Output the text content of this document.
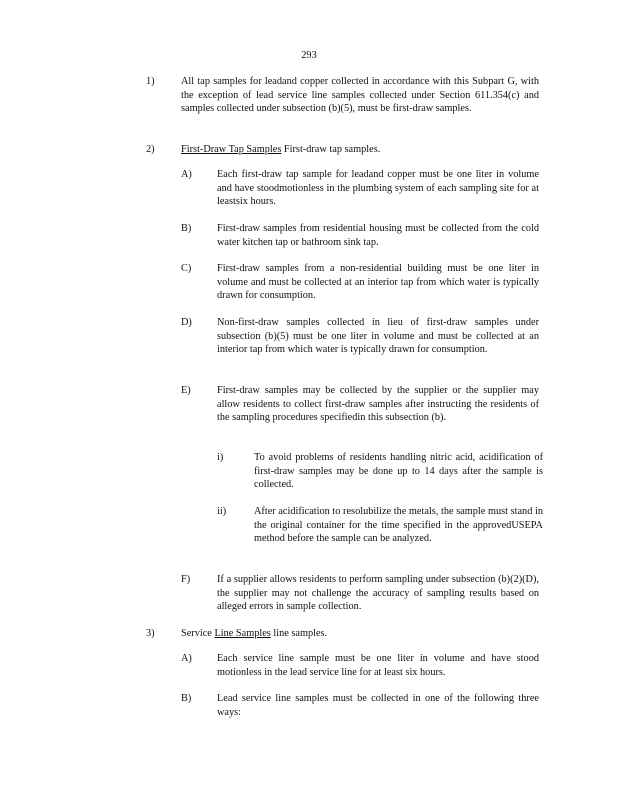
293
1)	All tap samples for leadand copper collected in accordance with this Subpart G, with the exception of lead service line samples collected under Section 611.354(c) and samples collected under subsection (b)(5), must be first-draw samples.
2)	First-Draw Tap Samples First-draw tap samples.
A) Each first-draw tap sample for leadand copper must be one liter in volume and have stoodmotionless in the plumbing system of each sampling site for at leastsix hours.
B) First-draw samples from residential housing must be collected from the cold water kitchen tap or bathroom sink tap.
C) First-draw samples from a non-residential building must be one liter in volume and must be collected at an interior tap from which water is typically drawn for consumption.
D) Non-first-draw samples collected in lieu of first-draw samples under subsection (b)(5) must be one liter in volume and must be collected at an interior tap from which water is typically drawn for consumption.
E)	First-draw samples may be collected by the supplier or the supplier may allow residents to collect first-draw samples after instructing the residents of the sampling procedures specifiedin this subsection (b).
i)	To avoid problems of residents handling nitric acid, acidification of first-draw samples may be done up to 14 days after the sample is collected.
ii)	After acidification to resolubilize the metals, the sample must stand in the original container for the time specified in the approvedUSEPA method before the sample can be analyzed.
F)	If a supplier allows residents to perform sampling under subsection (b)(2)(D), the supplier may not challenge the accuracy of sampling results based on alleged errors in sample collection.
3)	Service Line Samples line samples.
A) Each service line sample must be one liter in volume and have stood motionless in the lead service line for at least six hours.
B) Lead service line samples must be collected in one of the following three ways:
